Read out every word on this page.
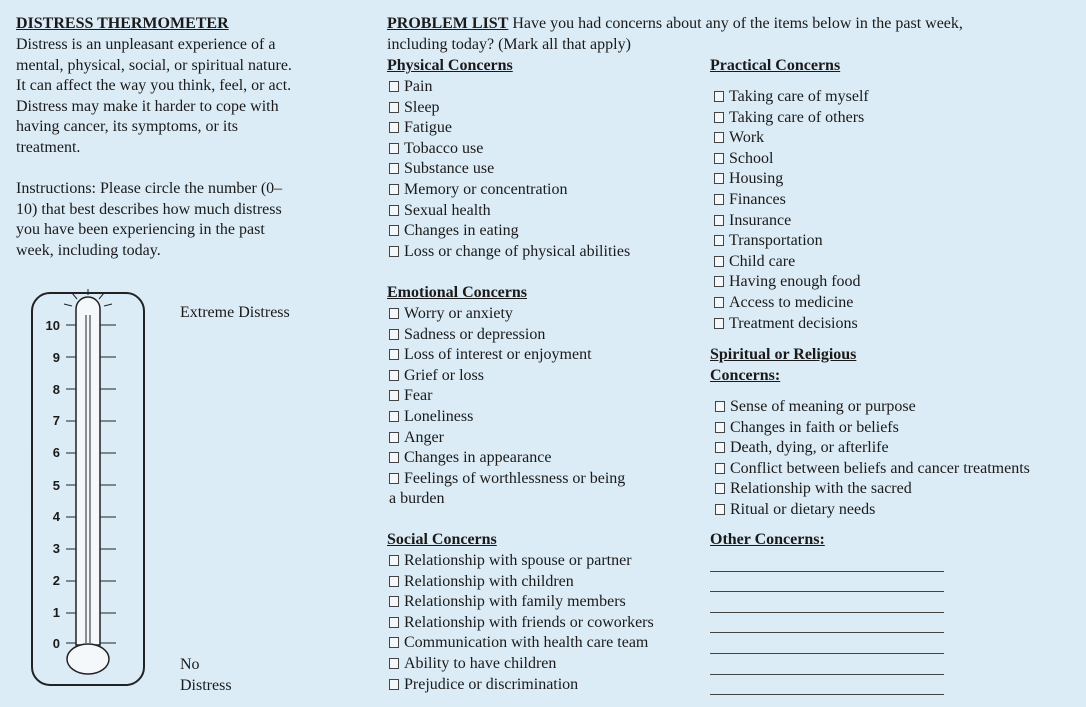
DISTRESS THERMOMETER
Distress is an unpleasant experience of a
mental, physical, social, or spiritual nature.
It can affect the way you think, feel, or act.
Distress may make it harder to cope with
having cancer, its symptoms, or its
treatment.
Instructions: Please circle the number (0–
10) that best describes how much distress
you have been experiencing in the past
week, including today.
10
9
8
7
6
5
4
3
2
1
0
Extreme Distress
No
Distress
PROBLEM LIST Have you had concerns about any of the items below in the past week,
including today? (Mark all that apply)
Physical Concerns
Pain
Sleep
Fatigue
Tobacco use
Substance use
Memory or concentration
Sexual health
Changes in eating
Loss or change of physical abilities
Emotional Concerns
Worry or anxiety
Sadness or depression
Loss of interest or enjoyment
Grief or loss
Fear
Loneliness
Anger
Changes in appearance
Feelings of worthlessness or being
a burden
Social Concerns
Relationship with spouse or partner
Relationship with children
Relationship with family members
Relationship with friends or coworkers
Communication with health care team
Ability to have children
Prejudice or discrimination
Practical Concerns
Taking care of myself
Taking care of others
Work
School
Housing
Finances
Insurance
Transportation
Child care
Having enough food
Access to medicine
Treatment decisions
Spiritual or Religious
Concerns:
Sense of meaning or purpose
Changes in faith or beliefs
Death, dying, or afterlife
Conflict between beliefs and cancer treatments
Relationship with the sacred
Ritual or dietary needs
Other Concerns:
